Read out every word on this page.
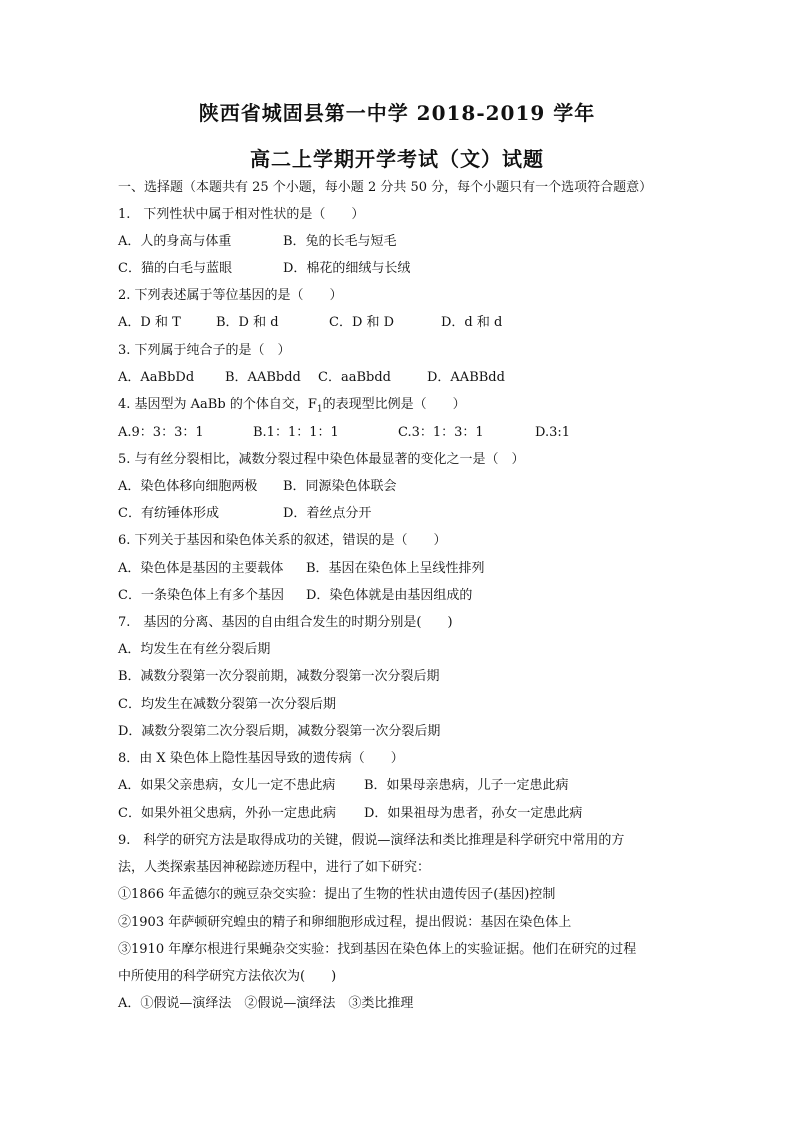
陕西省城固县第一中学 2018-2019 学年
高二上学期开学考试（文）试题
一、选择题（本题共有 25 个小题，每小题 2 分共 50 分，每个小题只有一个选项符合题意）
1.　下列性状中属于相对性状的是（　　）
A．人的身高与体重	B．兔的长毛与短毛
C．猫的白毛与蓝眼	D．棉花的细绒与长绒
2. 下列表述属于等位基因的是（　　）
A．D 和 T	B．D 和 d	C．D 和 D	D．d 和 d
3. 下列属于纯合子的是（　）
A．AaBbDd B．AABbdd C．aaBbdd	D．AABBdd
4. 基因型为 AaBb 的个体自交，$F_1$的表现型比例是（　　）
A.9：3：3：1	B.1：1：1：1	C.3：1：3：1	D.3:1
5. 与有丝分裂相比，减数分裂过程中染色体最显著的变化之一是（　）
A．染色体移向细胞两极 B．同源染色体联会
C．有纺锤体形成	D．着丝点分开
6. 下列关于基因和染色体关系的叙述，错误的是（　　）
A．染色体是基因的主要载体 B．基因在染色体上呈线性排列
C．一条染色体上有多个基因 D．染色体就是由基因组成的
7.　基因的分离、基因的自由组合发生的时期分别是(　　)
A．均发生在有丝分裂后期
B．减数分裂第一次分裂前期，减数分裂第一次分裂后期
C．均发生在减数分裂第一次分裂后期
D．减数分裂第二次分裂后期，减数分裂第一次分裂后期
8．由 X 染色体上隐性基因导致的遗传病（　　）
A．如果父亲患病，女儿一定不患此病 B．如果母亲患病，儿子一定患此病
C．如果外祖父患病，外孙一定患此病 D．如果祖母为患者，孙女一定患此病
9.　科学的研究方法是取得成功的关键，假说—演绎法和类比推理是科学研究中常用的方
法，人类探索基因神秘踪迹历程中，进行了如下研究：
①1866 年孟德尔的豌豆杂交实验：提出了生物的性状由遗传因子(基因)控制
②1903 年萨顿研究蝗虫的精子和卵细胞形成过程，提出假说：基因在染色体上
③1910 年摩尔根进行果蝇杂交实验：找到基因在染色体上的实验证据。他们在研究的过程
中所使用的科学研究方法依次为(　　)
A．①假说—演绎法　②假说—演绎法　③类比推理
